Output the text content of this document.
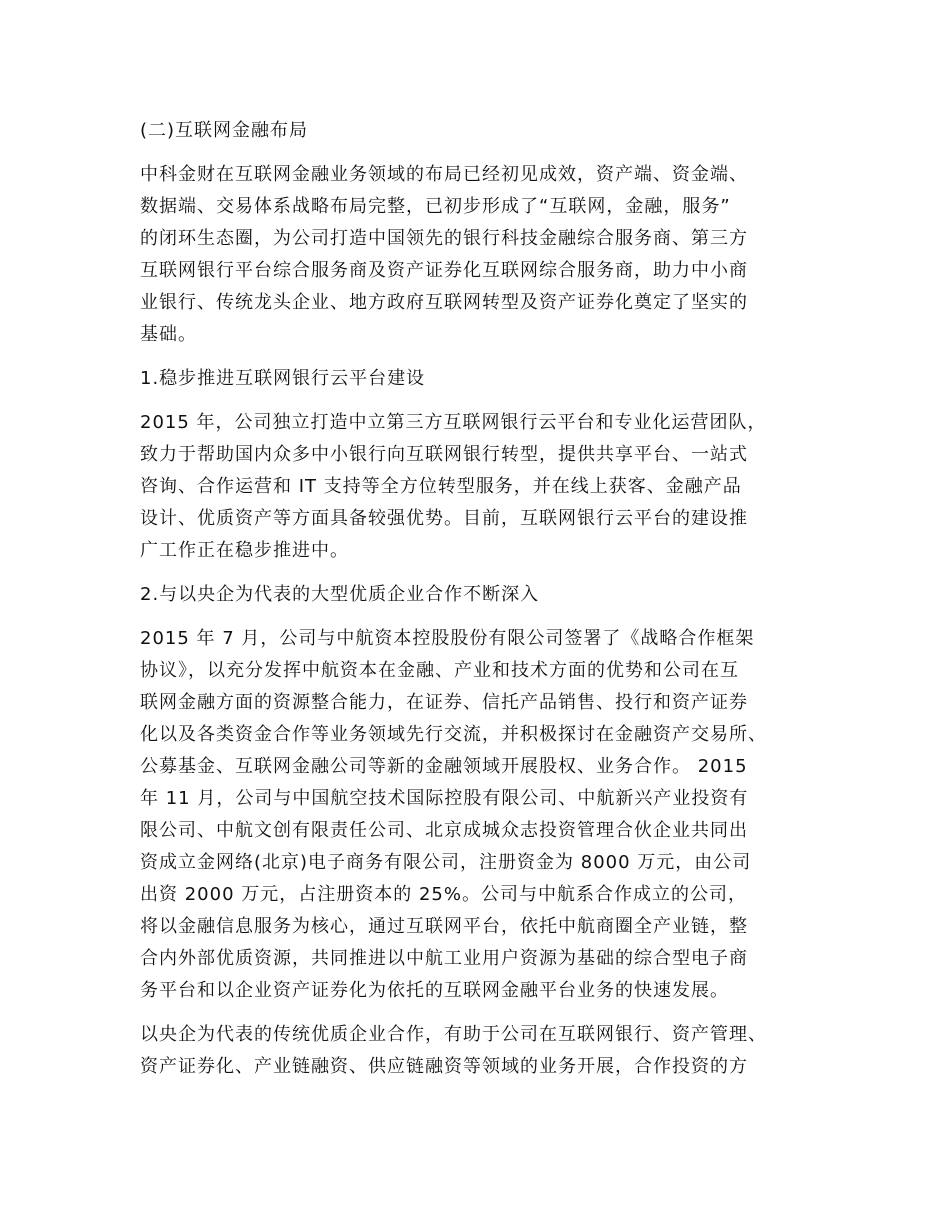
(二)互联网金融布局

中科金财在互联网金融业务领域的布局已经初见成效，资产端、资金端、
数据端、交易体系战略布局完整，已初步形成了“互联网，金融，服务”
的闭环生态圈，为公司打造中国领先的银行科技金融综合服务商、第三方
互联网银行平台综合服务商及资产证券化互联网综合服务商，助力中小商
业银行、传统龙头企业、地方政府互联网转型及资产证券化奠定了坚实的
基础。

1.稳步推进互联网银行云平台建设

2015 年，公司独立打造中立第三方互联网银行云平台和专业化运营团队，
致力于帮助国内众多中小银行向互联网银行转型，提供共享平台、一站式
咨询、合作运营和 IT 支持等全方位转型服务，并在线上获客、金融产品
设计、优质资产等方面具备较强优势。目前，互联网银行云平台的建设推
广工作正在稳步推进中。

2.与以央企为代表的大型优质企业合作不断深入

2015 年 7 月，公司与中航资本控股股份有限公司签署了《战略合作框架
协议》，以充分发挥中航资本在金融、产业和技术方面的优势和公司在互
联网金融方面的资源整合能力，在证券、信托产品销售、投行和资产证券
化以及各类资金合作等业务领域先行交流，并积极探讨在金融资产交易所、
公募基金、互联网金融公司等新的金融领域开展股权、业务合作。 2015
年 11 月，公司与中国航空技术国际控股有限公司、中航新兴产业投资有
限公司、中航文创有限责任公司、北京成城众志投资管理合伙企业共同出
资成立金网络(北京)电子商务有限公司，注册资金为 8000 万元，由公司
出资 2000 万元，占注册资本的 25%。公司与中航系合作成立的公司，
将以金融信息服务为核心，通过互联网平台，依托中航商圈全产业链，整
合内外部优质资源，共同推进以中航工业用户资源为基础的综合型电子商
务平台和以企业资产证券化为依托的互联网金融平台业务的快速发展。

以央企为代表的传统优质企业合作，有助于公司在互联网银行、资产管理、
资产证券化、产业链融资、供应链融资等领域的业务开展，合作投资的方
